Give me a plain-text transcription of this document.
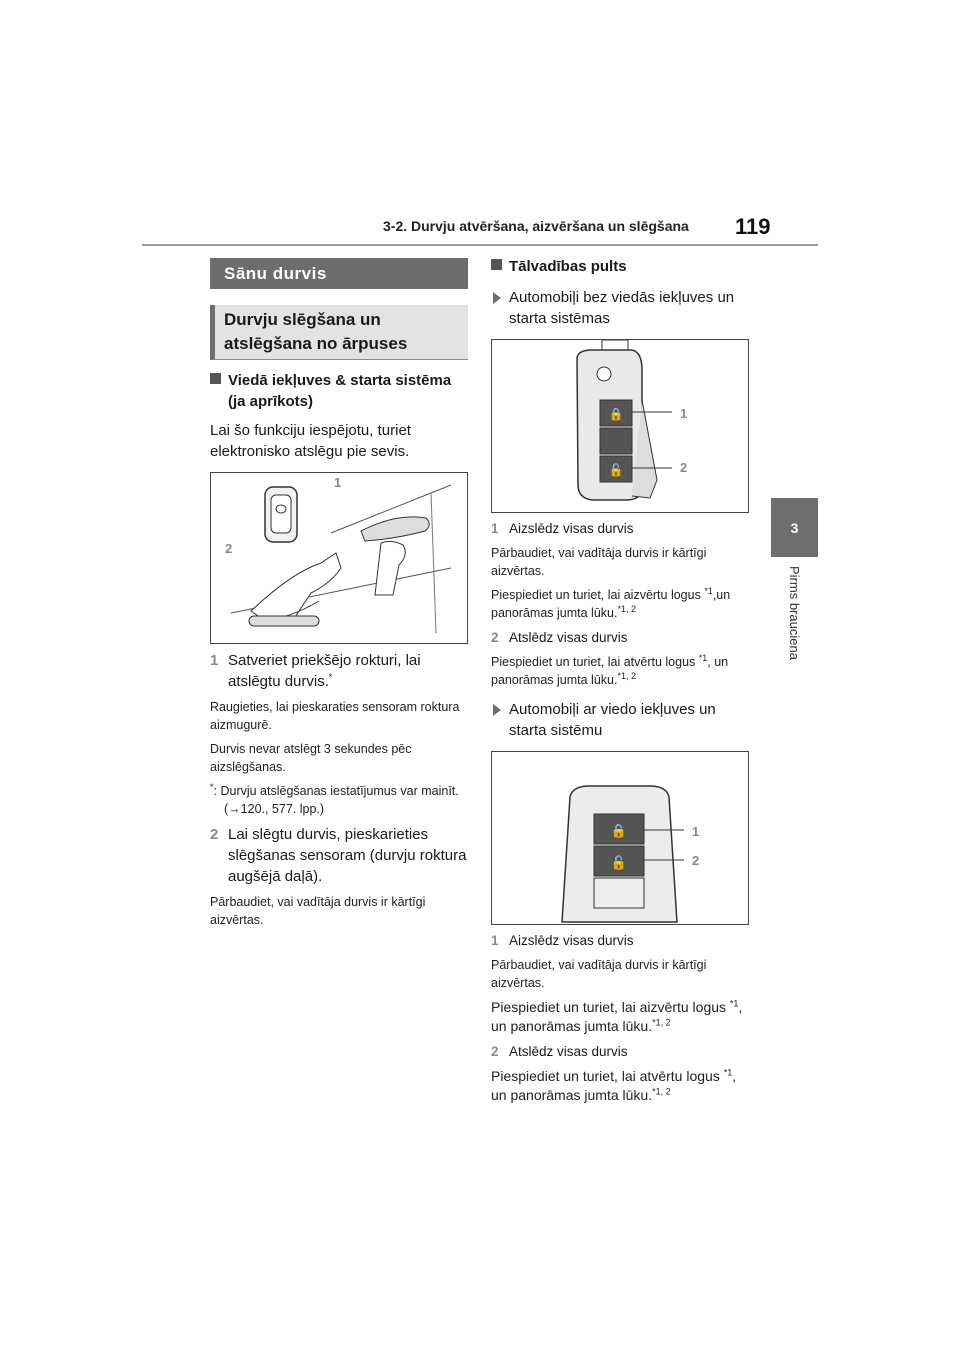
3-2. Durvju atvēršana, aizvēršana un slēgšana 119
3
Pirms brauciena
Sānu durvis
Durvju slēgšana un atslēgšana no ārpuses
Viedā iekļuves & starta sistēma (ja aprīkots)
Lai šo funkciju iespējotu, turiet elektronisko atslēgu pie sevis.
1
2
1 Satveriet priekšējo rokturi, lai atslēgtu durvis.*
Raugieties, lai pieskaraties sensoram roktura aizmugurē.
Durvis nevar atslēgt 3 sekundes pēc aizslēgšanas.
*: Durvju atslēgšanas iestatījumus var mainīt. (→120., 577. lpp.)
2 Lai slēgtu durvis, pieskarieties slēgšanas sensoram (durvju roktura augšējā daļā).
Pārbaudiet, vai vadītāja durvis ir kārtīgi aizvērtas.
Tālvadības pults
Automobiļi bez viedās iekļuves un starta sistēmas
🔒
🔓
1
2
1 Aizslēdz visas durvis
Pārbaudiet, vai vadītāja durvis ir kārtīgi aizvērtas.
Piespiediet un turiet, lai aizvērtu logus $^{*1}$,un panorāmas jumta lūku.$^{*1, 2}$
2 Atslēdz visas durvis
Piespiediet un turiet, lai atvērtu logus $^{*1}$, un panorāmas jumta lūku.$^{*1, 2}$
Automobiļi ar viedo iekļuves un starta sistēmu
🔒
🔓
1
2
1 Aizslēdz visas durvis
Pārbaudiet, vai vadītāja durvis ir kārtīgi aizvērtas.
Piespiediet un turiet, lai aizvērtu logus $^{*1}$, un panorāmas jumta lūku.$^{*1, 2}$
2 Atslēdz visas durvis
Piespiediet un turiet, lai atvērtu logus $^{*1}$, un panorāmas jumta lūku.$^{*1, 2}$
